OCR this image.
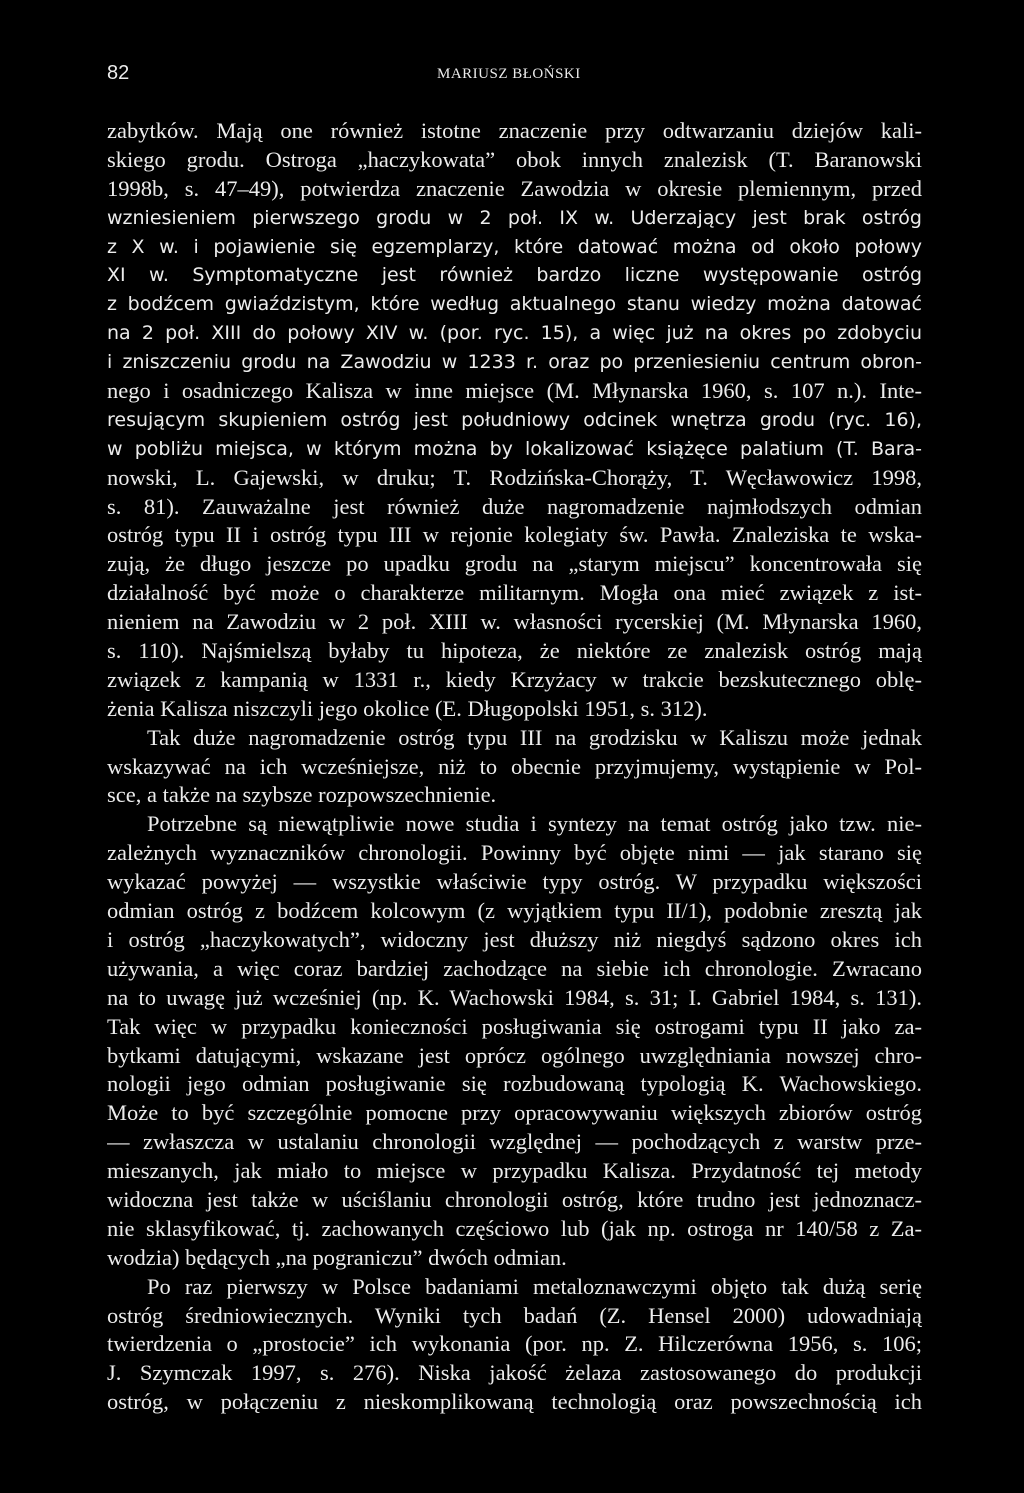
82	MARIUSZ BŁOŃSKI
zabytków. Mają one również istotne znaczenie przy odtwarzaniu dziejów kali-
skiego grodu. Ostroga „haczykowata” obok innych znalezisk (T. Baranowski
1998b, s. 47–49), potwierdza znaczenie Zawodzia w okresie plemiennym, przed
wzniesieniem pierwszego grodu w 2 poł. IX w. Uderzający jest brak ostróg
z X w. i pojawienie się egzemplarzy, które datować można od około połowy
XI w. Symptomatyczne jest również bardzo liczne występowanie ostróg
z bodźcem gwiaździstym, które według aktualnego stanu wiedzy można datować
na 2 poł. XIII do połowy XIV w. (por. ryc. 15), a więc już na okres po zdobyciu
i zniszczeniu grodu na Zawodziu w 1233 r. oraz po przeniesieniu centrum obron-
nego i osadniczego Kalisza w inne miejsce (M. Młynarska 1960, s. 107 n.). Inte-
resującym skupieniem ostróg jest południowy odcinek wnętrza grodu (ryc. 16),
w pobliżu miejsca, w którym można by lokalizować książęce palatium (T. Bara-
nowski, L. Gajewski, w druku; T. Rodzińska-Chorąży, T. Węcławowicz 1998,
s. 81). Zauważalne jest również duże nagromadzenie najmłodszych odmian
ostróg typu II i ostróg typu III w rejonie kolegiaty św. Pawła. Znaleziska te wska-
zują, że długo jeszcze po upadku grodu na „starym miejscu” koncentrowała się
działalność być może o charakterze militarnym. Mogła ona mieć związek z ist-
nieniem na Zawodziu w 2 poł. XIII w. własności rycerskiej (M. Młynarska 1960,
s. 110). Najśmielszą byłaby tu hipoteza, że niektóre ze znalezisk ostróg mają
związek z kampanią w 1331 r., kiedy Krzyżacy w trakcie bezskutecznego oblę-
żenia Kalisza niszczyli jego okolice (E. Długopolski 1951, s. 312).
Tak duże nagromadzenie ostróg typu III na grodzisku w Kaliszu może jednak
wskazywać na ich wcześniejsze, niż to obecnie przyjmujemy, wystąpienie w Pol-
sce, a także na szybsze rozpowszechnienie.
Potrzebne są niewątpliwie nowe studia i syntezy na temat ostróg jako tzw. nie-
zależnych wyznaczników chronologii. Powinny być objęte nimi — jak starano się
wykazać powyżej — wszystkie właściwie typy ostróg. W przypadku większości
odmian ostróg z bodźcem kolcowym (z wyjątkiem typu II/1), podobnie zresztą jak
i ostróg „haczykowatych”, widoczny jest dłuższy niż niegdyś sądzono okres ich
używania, a więc coraz bardziej zachodzące na siebie ich chronologie. Zwracano
na to uwagę już wcześniej (np. K. Wachowski 1984, s. 31; I. Gabriel 1984, s. 131).
Tak więc w przypadku konieczności posługiwania się ostrogami typu II jako za-
bytkami datującymi, wskazane jest oprócz ogólnego uwzględniania nowszej chro-
nologii jego odmian posługiwanie się rozbudowaną typologią K. Wachowskiego.
Może to być szczególnie pomocne przy opracowywaniu większych zbiorów ostróg
— zwłaszcza w ustalaniu chronologii względnej — pochodzących z warstw prze-
mieszanych, jak miało to miejsce w przypadku Kalisza. Przydatność tej metody
widoczna jest także w uściślaniu chronologii ostróg, które trudno jest jednoznacz-
nie sklasyfikować, tj. zachowanych częściowo lub (jak np. ostroga nr 140/58 z Za-
wodzia) będących „na pograniczu” dwóch odmian.
Po raz pierwszy w Polsce badaniami metaloznawczymi objęto tak dużą serię
ostróg średniowiecznych. Wyniki tych badań (Z. Hensel 2000) udowadniają
twierdzenia o „prostocie” ich wykonania (por. np. Z. Hilczerówna 1956, s. 106;
J. Szymczak 1997, s. 276). Niska jakość żelaza zastosowanego do produkcji
ostróg, w połączeniu z nieskomplikowaną technologią oraz powszechnością ich
